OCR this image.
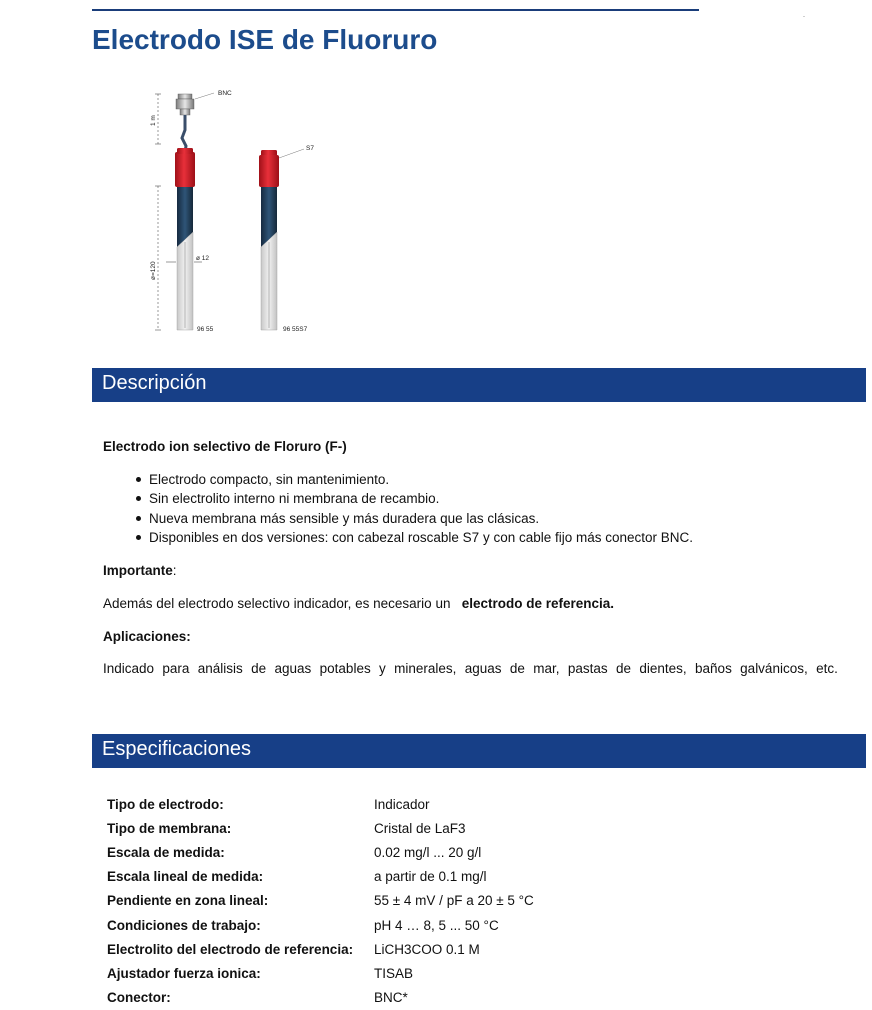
Electrodo ISE de Fluoruro
BNC
S7
1 m
ø=120
ø 12
96 55	96 55S7
Descripción
Electrodo ion selectivo de Floruro (F-)
Electrodo compacto, sin mantenimiento.
Sin electrolito interno ni membrana de recambio.
Nueva membrana más sensible y más duradera que las clásicas.
Disponibles en dos versiones: con cabezal roscable S7 y con cable fijo más conector BNC.
Importante:
Además del electrodo selectivo indicador, es necesario un electrodo de referencia.
Aplicaciones:
Indicado para análisis de aguas potables y minerales, aguas de mar, pastas de dientes, baños galvánicos, etc.
Especificaciones
Tipo de electrodo:	Indicador
Tipo de membrana:	Cristal de LaF3
Escala de medida:	0.02 mg/l ... 20 g/l
Escala lineal de medida:	a partir de 0.1 mg/l
Pendiente en zona lineal:	55 ± 4 mV / pF a 20 ± 5 °C
Condiciones de trabajo:	pH 4 … 8, 5 ... 50 °C
Electrolito del electrodo de referencia:	LiCH3COO 0.1 M
Ajustador fuerza ionica:	TISAB
Conector:	BNC*
